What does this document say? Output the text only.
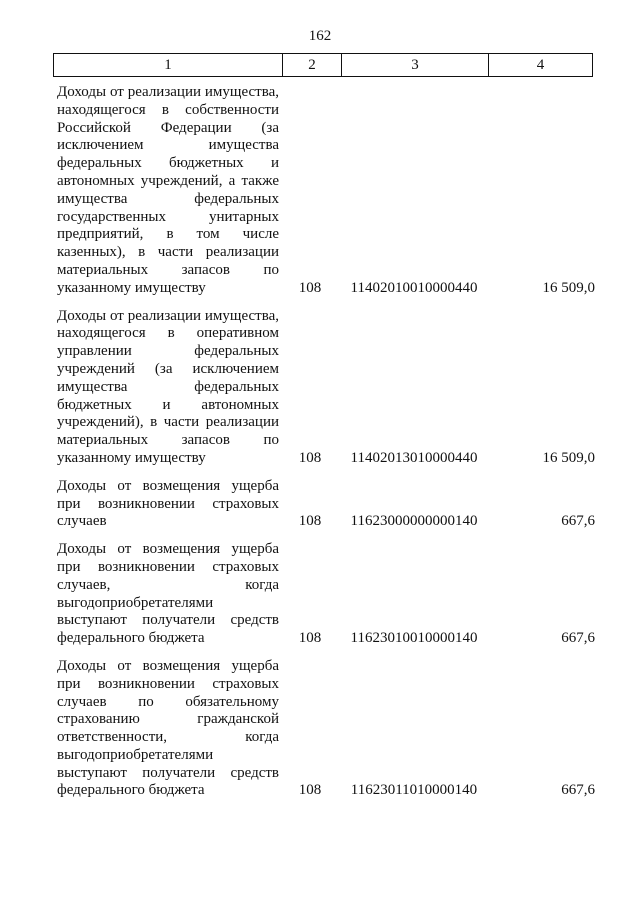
162
1	2	3	4
Доходы от реализации имущества, находящегося в собственности Российской Федерации (за исключением имущества федеральных бюджетных и автономных учреждений, а также имущества федеральных государственных унитарных предприятий, в том числе казенных), в части реализации материальных запасов по указанному имуществу	108	11402010010000440	16 509,0
Доходы от реализации имущества, находящегося в оперативном управлении федеральных учреждений (за исключением имущества федеральных бюджетных и автономных учреждений), в части реализации материальных запасов по указанному имуществу	108	11402013010000440	16 509,0
Доходы от возмещения ущерба при возникновении страховых случаев	108	11623000000000140	667,6
Доходы от возмещения ущерба при возникновении страховых случаев, когда выгодоприобретателями выступают получатели средств федерального бюджета	108	11623010010000140	667,6
Доходы от возмещения ущерба при возникновении страховых случаев по обязательному страхованию гражданской ответственности, когда выгодоприобретателями выступают получатели средств федерального бюджета	108	11623011010000140	667,6
